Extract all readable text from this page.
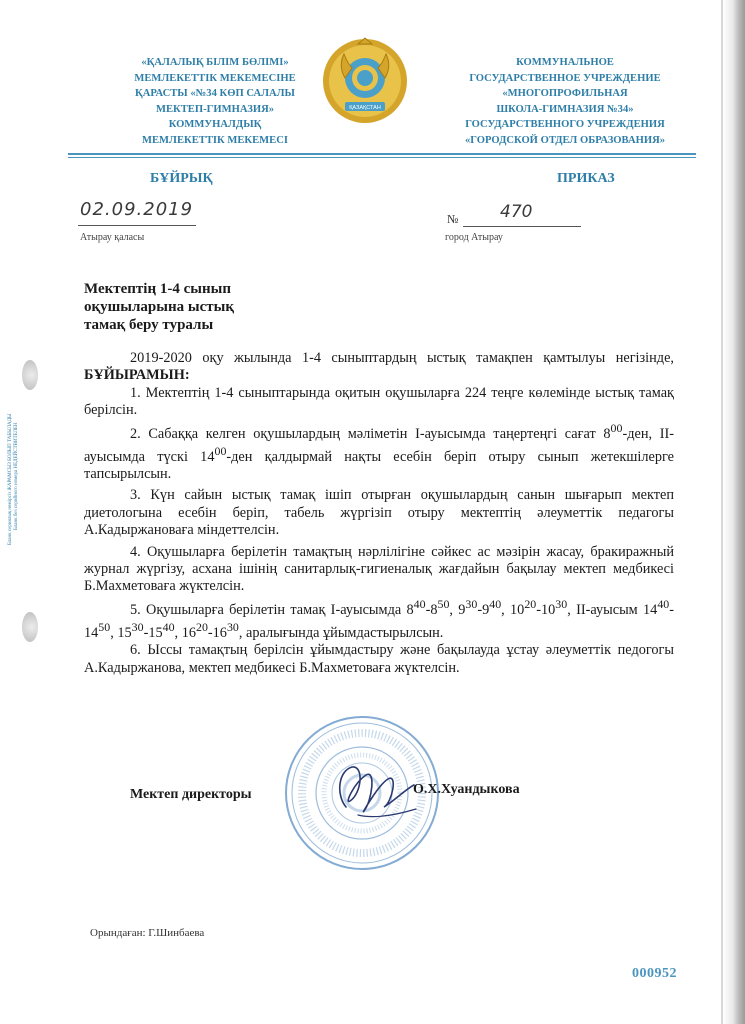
«ҚАЛАЛЫҚ БІЛІМ БӨЛІМІ»
МЕМЛЕКЕТТІК МЕКЕМЕСІНЕ
ҚАРАСТЫ «№34 КӨП САЛАЛЫ
МЕКТЕП-ГИМНАЗИЯ»
КОММУНАЛДЫҚ
МЕМЛЕКЕТТІК МЕКЕМЕСІ
ҚАЗАҚСТАН
КОММУНАЛЬНОЕ
ГОСУДАРСТВЕННОЕ УЧРЕЖДЕНИЕ
«МНОГОПРОФИЛЬНАЯ
ШКОЛА-ГИМНАЗИЯ №34»
ГОСУДАРСТВЕННОГО УЧРЕЖДЕНИЯ
«ГОРОДСКОЙ ОТДЕЛ ОБРАЗОВАНИЯ»
БҰЙРЫҚ	ПРИКАЗ
02.09.2019
Атырау қаласы
№ 470
город Атырау
Мектептің 1-4 сынып
оқушыларына ыстық
тамақ беру туралы

2019-2020 оқу жылында 1-4 сыныптардың ыстық тамақпен қамтылуы негізінде, БҰЙЫРАМЫН:

1. Мектептің 1-4 сыныптарында оқитын оқушыларға 224 теңге көлемінде ыстық тамақ берілсін.

2. Сабаққа келген оқушылардың мәліметін І-ауысымда таңертеңгі сағат $8^{00}$-ден, ІІ-ауысымда түскі $14^{00}$-ден қалдырмай нақты есебін беріп отыру сынып жетекшілерге тапсырылсын.

3. Күн сайын ыстық тамақ ішіп отырған оқушылардың санын шығарып мектеп диетологына есебін беріп, табель жүргізіп отыру мектептің әлеуметтік педагогы А.Кадыржановаға міндеттелсін.

4. Оқушыларға берілетін тамақтың нәрлілігіне сәйкес ас мәзірін жасау, бракиражный журнал жүргізу, асхана ішінің санитарлық-гигиеналық жағдайын бақылау мектеп медбикесі Б.Махметоваға жүктелсін.

5. Оқушыларға берілетін тамақ І-ауысымда $8^{40}-8^{50}$, $9^{30}-9^{40}$, $10^{20}-10^{30}$, ІІ-ауысым $14^{40}-14^{50}$, $15^{30}-15^{40}$, $16^{20}-16^{30}$, аралығында ұйымдастырылсын.

6. Ыссы тамақтың берілсін ұйымдастыру және бақылауда ұстау әлеуметтік педогогы А.Кадыржанова, мектеп медбикесі Б.Махметоваға жүктелсін.

Бланк сериялық нөмірсіз ЖАРАМСЫЗ БОЛЫП ТАБЫЛАДЫ Бланк без серийного номера НЕДЕЙСТВИТЕЛЕН
Мектеп директоры	О.Х.Хуандыкова
Орындаған: Г.Шинбаева
000952
